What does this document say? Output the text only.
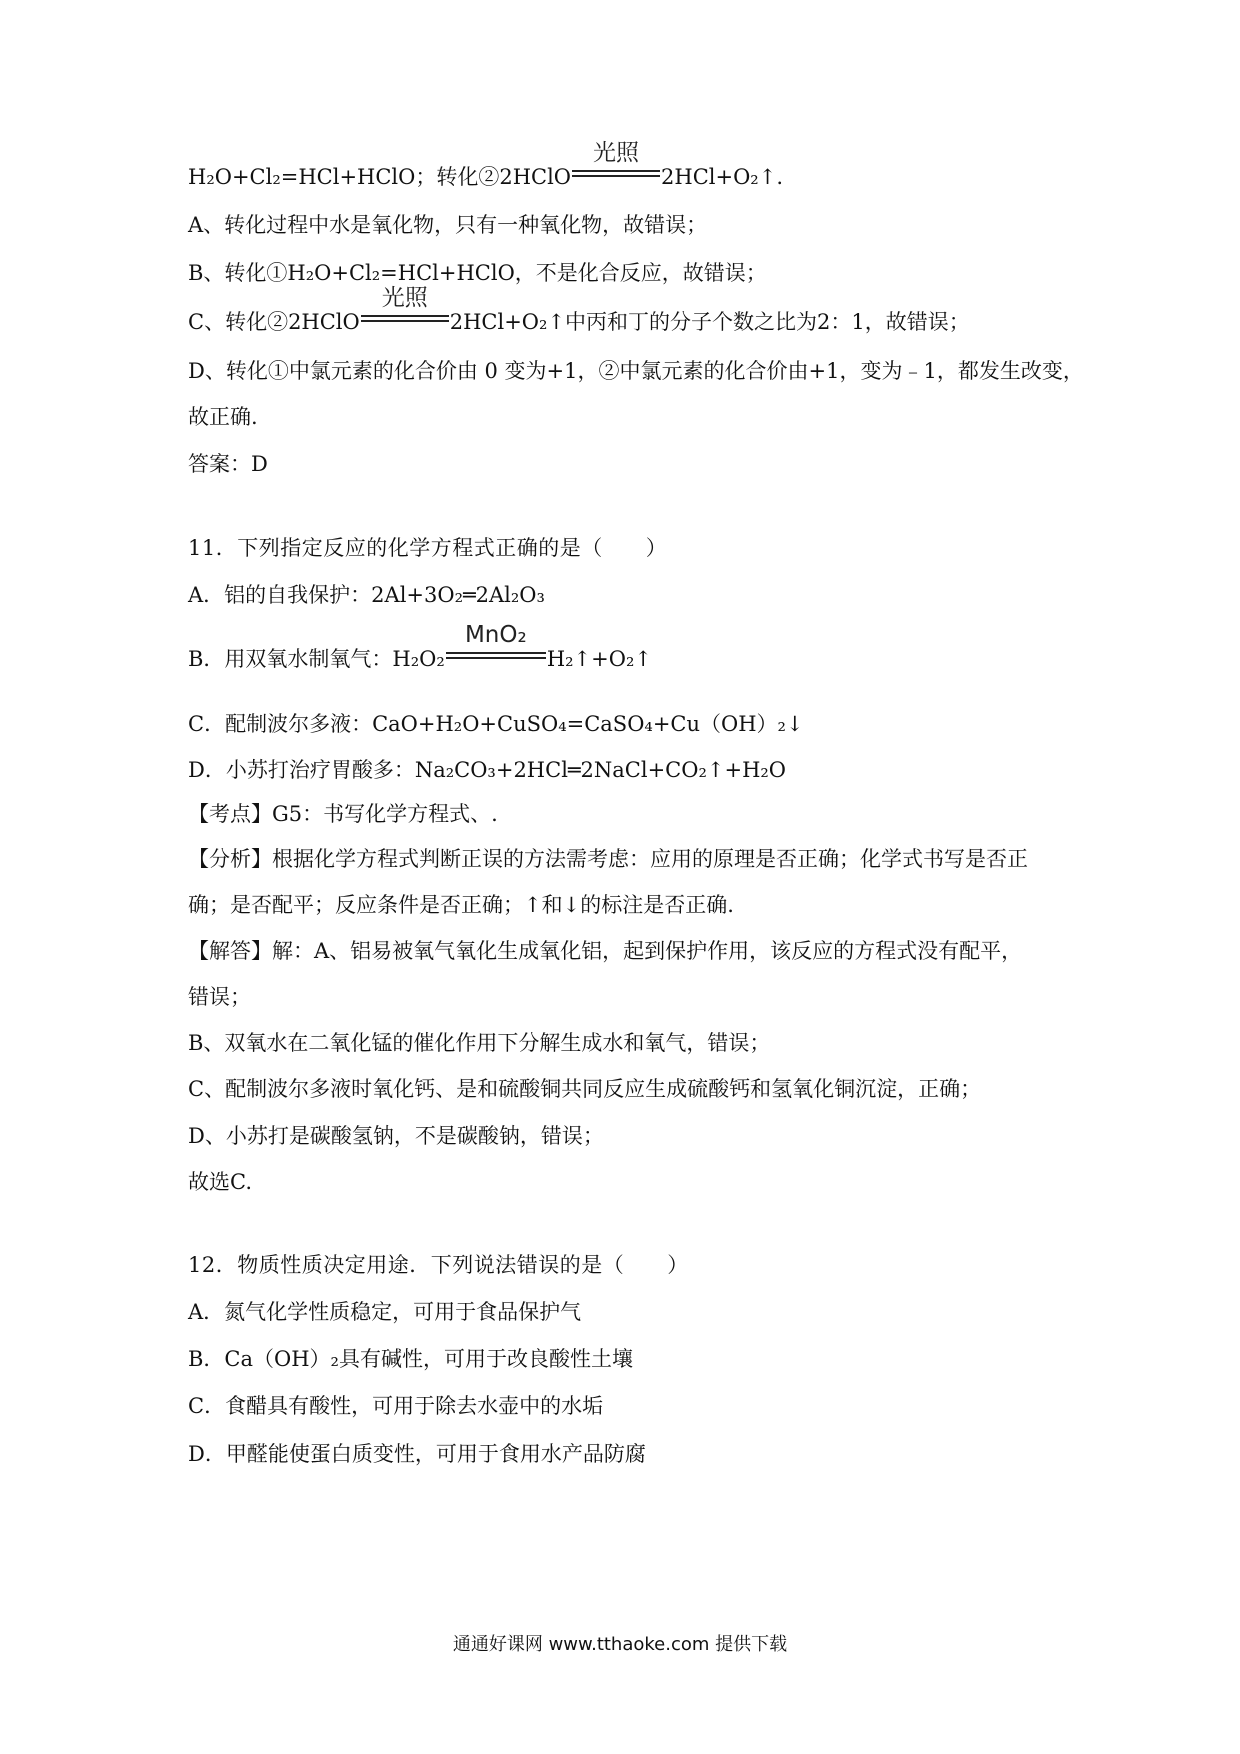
H₂O+Cl₂=HCl+HClO；转化②2HClO
光照
2HCl+O₂↑.
A、转化过程中水是氧化物，只有一种氧化物，故错误；
B、转化①H₂O+Cl₂=HCl+HClO，不是化合反应，故错误；
C、转化②2HClO
光照
2HCl+O₂↑中丙和丁的分子个数之比为2：1，故错误；
D、转化①中氯元素的化合价由 0 变为+1，②中氯元素的化合价由+1，变为﹣1，都发生改变，
故正确.
答案：D
11．下列指定反应的化学方程式正确的是（　　）
A．铝的自我保护：2Al+3O₂═2Al₂O₃
B．用双氧水制氧气：H₂O₂
MnO₂
H₂↑+O₂↑
C．配制波尔多液：CaO+H₂O+CuSO₄=CaSO₄+Cu（OH）₂↓
D．小苏打治疗胃酸多：Na₂CO₃+2HCl═2NaCl+CO₂↑+H₂O
【考点】G5：书写化学方程式、.
【分析】根据化学方程式判断正误的方法需考虑：应用的原理是否正确；化学式书写是否正
确；是否配平；反应条件是否正确；↑和↓的标注是否正确.
【解答】解：A、铝易被氧气氧化生成氧化铝，起到保护作用，该反应的方程式没有配平，
错误；
B、双氧水在二氧化锰的催化作用下分解生成水和氧气，错误；
C、配制波尔多液时氧化钙、是和硫酸铜共同反应生成硫酸钙和氢氧化铜沉淀，正确；
D、小苏打是碳酸氢钠，不是碳酸钠，错误；
故选C.
12．物质性质决定用途．下列说法错误的是（　　）
A．氮气化学性质稳定，可用于食品保护气
B．Ca（OH）₂具有碱性，可用于改良酸性土壤
C．食醋具有酸性，可用于除去水壶中的水垢
D．甲醛能使蛋白质变性，可用于食用水产品防腐
通通好课网 www.tthaoke.com 提供下载
